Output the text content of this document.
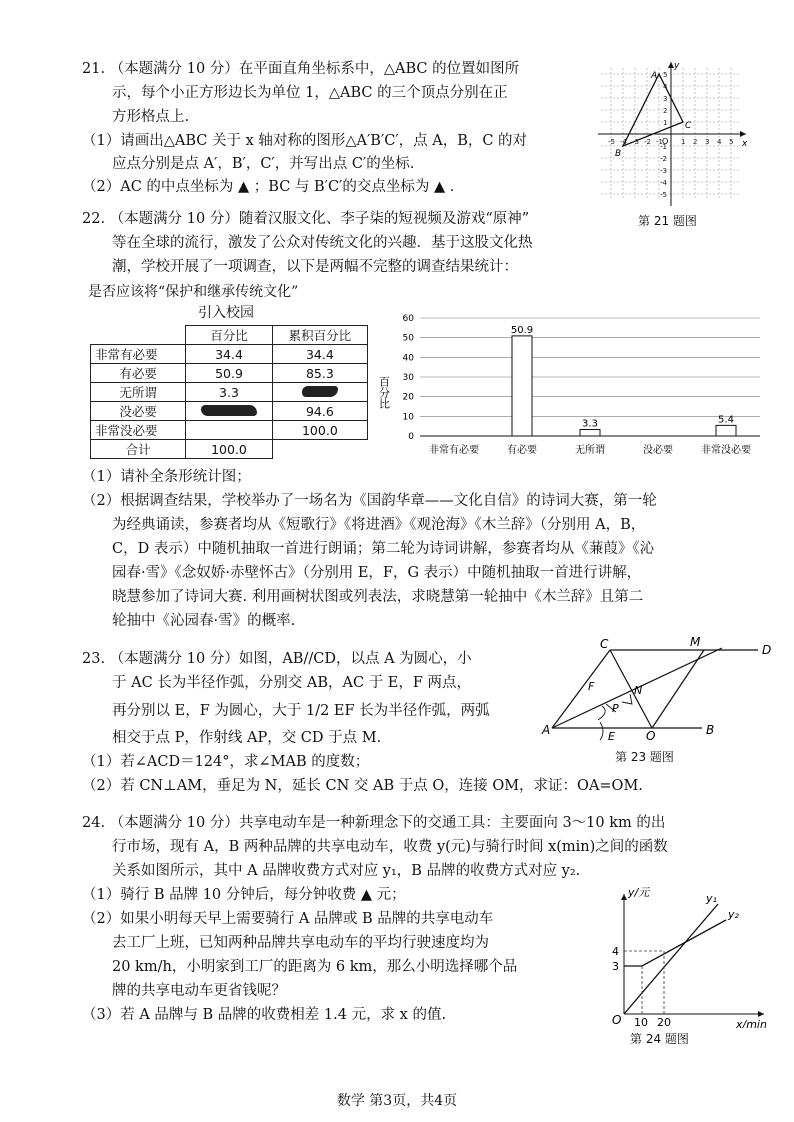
21. （本题满分 10 分）在平面直角坐标系中，△ABC 的位置如图所
示，每个小正方形边长为单位 1，△ABC 的三个顶点分别在正
方形格点上.
（1）请画出△ABC 关于 x 轴对称的图形△A′B′C′，点 A，B，C 的对
应点分别是点 A′，B′，C′，并写出点 C′的坐标.
（2）AC 的中点坐标为 ▲ ；BC 与 B′C′的交点坐标为 ▲ .
y
x
O
A
B
C
-5 -4 -3 -2 -1	1 2 3 4 5
5
4
3
2
1
-1
-2
-3
-4
-5
第 21 题图
22. （本题满分 10 分）随着汉服文化、李子柒的短视频及游戏“原神”
等在全球的流行，激发了公众对传统文化的兴趣．基于这股文化热
潮，学校开展了一项调查，以下是两幅不完整的调查结果统计：
是否应该将“保护和继承传统文化”
引入校园
	百分比	累积百分比
非常有必要	34.4	34.4
有必要	50.9	85.3
无所谓	3.3	
没必要		94.6
非常没必要		100.0
合计	100.0	
百分比
0
10
20
30
40
50
60
非常有必要	有必要	无所谓	没必要	非常没必要
50.9
3.3	5.4
（1）请补全条形统计图；
（2）根据调查结果，学校举办了一场名为《国韵华章——文化自信》的诗词大赛，第一轮
为经典诵读，参赛者均从《短歌行》《将进酒》《观沧海》《木兰辞》（分别用 A，B，
C，D 表示）中随机抽取一首进行朗诵；第二轮为诗词讲解，参赛者均从《蒹葭》《沁
园春·雪》《念奴娇·赤壁怀古》（分别用 E，F，G 表示）中随机抽取一首进行讲解，
晓慧参加了诗词大赛. 利用画树状图或列表法，求晓慧第一轮抽中《木兰辞》且第二
轮抽中《沁园春·雪》的概率.
23. （本题满分 10 分）如图，AB//CD，以点 A 为圆心，小
于 AC 长为半径作弧，分别交 AB，AC 于 E，F 两点，
再分别以 E，F 为圆心，大于 1/2 EF 长为半径作弧，两弧
相交于点 P，作射线 AP，交 CD 于点 M.
（1）若∠ACD＝124°，求∠MAB 的度数；
（2）若 CN⊥AM，垂足为 N，延长 CN 交 AB 于点 O，连接 OM，求证：OA=OM.
C	M
D
F	N
P
A	E	O	B
第 23 题图
24. （本题满分 10 分）共享电动车是一种新理念下的交通工具：主要面向 3～10 km 的出
行市场，现有 A，B 两种品牌的共享电动车，收费 y(元)与骑行时间 x(min)之间的函数
关系如图所示，其中 A 品牌收费方式对应 y₁，B 品牌的收费方式对应 y₂.
（1）骑行 B 品牌 10 分钟后，每分钟收费 ▲ 元；
（2）如果小明每天早上需要骑行 A 品牌或 B 品牌的共享电动车
去工厂上班，已知两种品牌共享电动车的平均行驶速度均为
20 km/h，小明家到工厂的距离为 6 km，那么小明选择哪个品
牌的共享电动车更省钱呢？
（3）若 A 品牌与 B 品牌的收费相差 1.4 元，求 x 的值.
y/元
x/min
y₁
y₂
4
3
O 10 20
第 24 题图
数学 第3页，共4页
